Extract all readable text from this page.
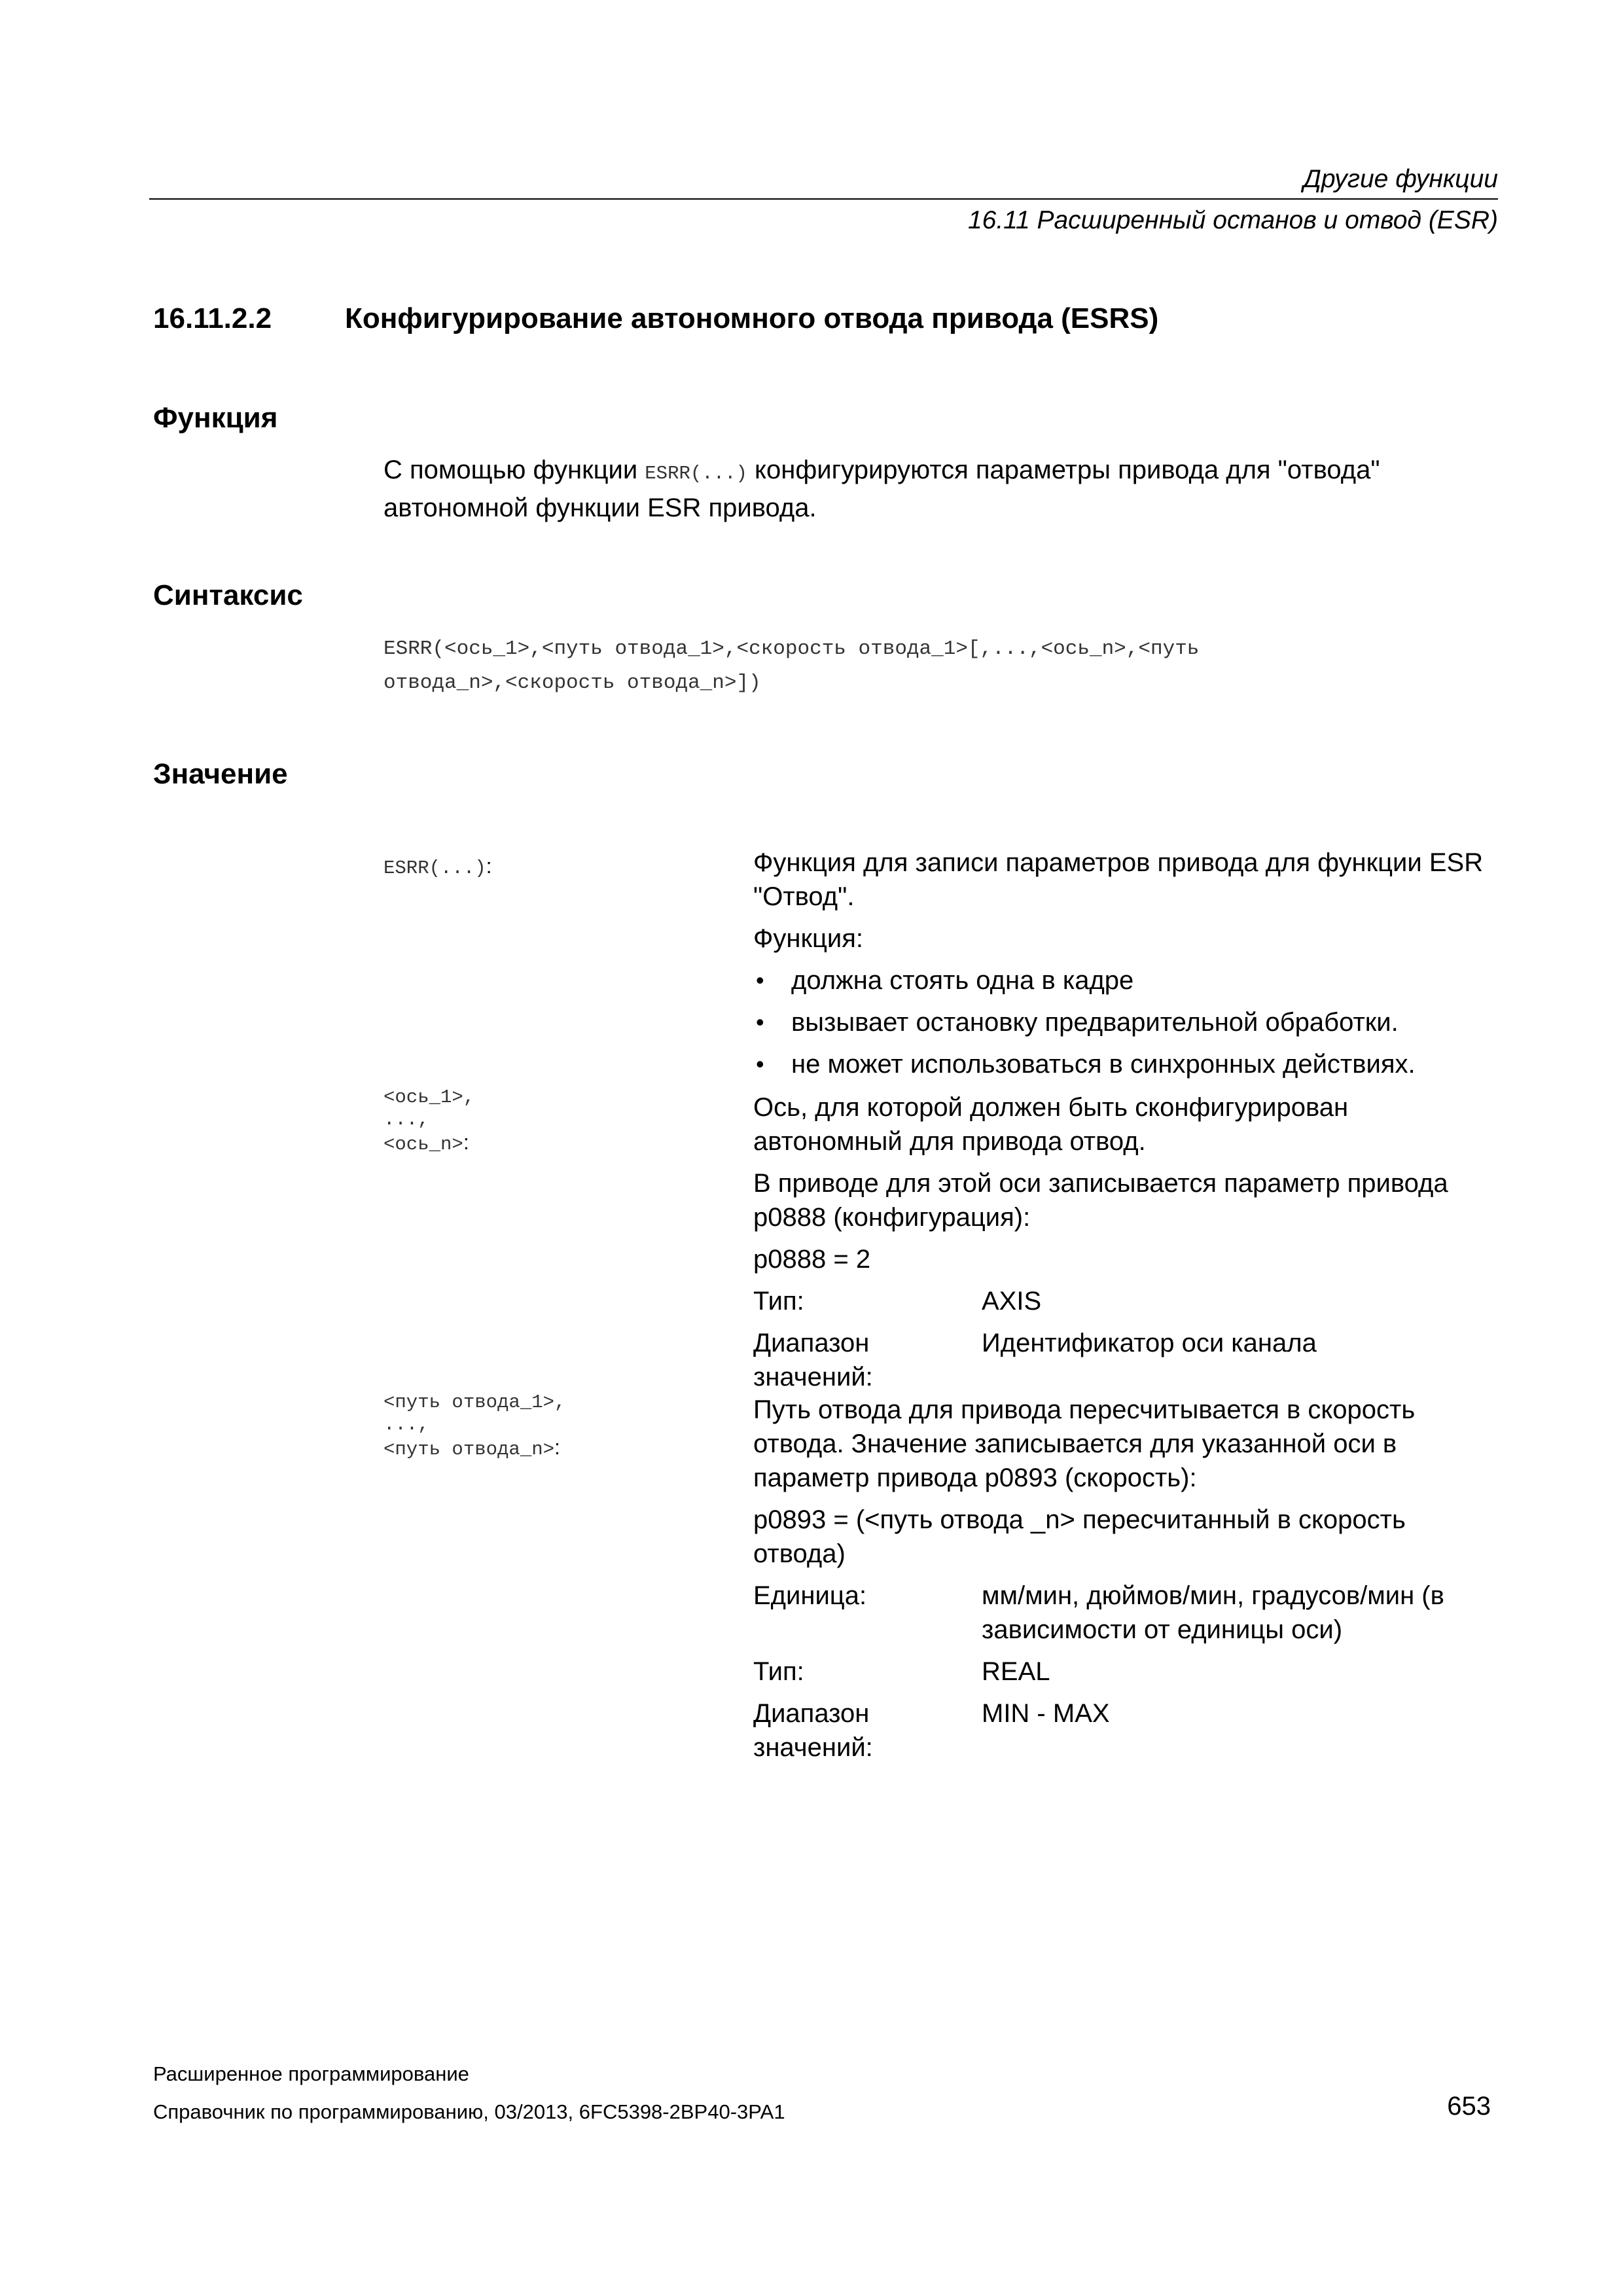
Другие функции
16.11 Расширенный останов и отвод (ESR)
16.11.2.2	Конфигурирование автономного отвода привода (ESRS)
Функция
С помощью функции ESRR(...) конфигурируются параметры привода для "отвода" автономной функции ESR привода.
Синтаксис
ESRR(<ось_1>,<путь отвода_1>,<скорость отвода_1>[,...,<ось_n>,<путь
отвода_n>,<скорость отвода_n>])
Значение
ESRR(...):	Функция для записи параметров привода для функции ESR "Отвод".
Функция:
• должна стоять одна в кадре
• вызывает остановку предварительной обработки.
• не может использоваться в синхронных действиях.
<ось_1>,
...,
<ось_n>:
Ось, для которой должен быть сконфигурирован автономный для привода отвод.
В приводе для этой оси записывается параметр привода p0888 (конфигурация):
p0888 = 2
Тип:	AXIS
Диапазон значений:
Идентификатор оси канала
<путь отвода_1>,
...,
<путь отвода_n>:
Путь отвода для привода пересчитывается в скорость отвода. Значение записывается для указанной оси в параметр привода p0893 (скорость):
p0893 = (<путь отвода _n> пересчитанный в скорость отвода)
Единица:	мм/мин, дюймов/мин, градусов/мин (в зависимости от единицы оси)
Тип:	REAL
Диапазон значений:
MIN - MAX
Расширенное программирование
Справочник по программированию, 03/2013, 6FC5398-2BP40-3PA1	653
